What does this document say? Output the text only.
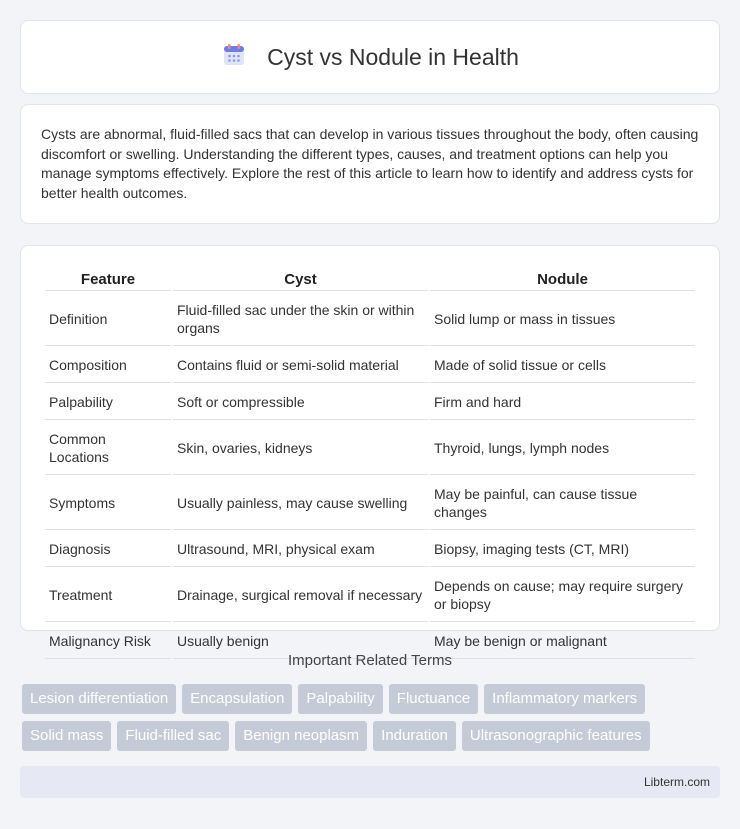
Cyst vs Nodule in Health

Cysts are abnormal, fluid-filled sacs that can develop in various tissues throughout the body, often causing discomfort or swelling. Understanding the different types, causes, and treatment options can help you manage symptoms effectively. Explore the rest of this article to learn how to identify and address cysts for better health outcomes.

Feature	Cyst	Nodule
Definition	Fluid-filled sac under the skin or within organs	Solid lump or mass in tissues
Composition	Contains fluid or semi-solid material	Made of solid tissue or cells
Palpability	Soft or compressible	Firm and hard
Common Locations	Skin, ovaries, kidneys	Thyroid, lungs, lymph nodes
Symptoms	Usually painless, may cause swelling	May be painful, can cause tissue changes
Diagnosis	Ultrasound, MRI, physical exam	Biopsy, imaging tests (CT, MRI)
Treatment	Drainage, surgical removal if necessary	Depends on cause; may require surgery or biopsy
Malignancy Risk	Usually benign	May be benign or malignant
Important Related Terms
Lesion differentiation	Encapsulation	Palpability	Fluctuance	Inflammatory markers
Solid mass	Fluid-filled sac	Benign neoplasm	Induration	Ultrasonographic features
Libterm.com
